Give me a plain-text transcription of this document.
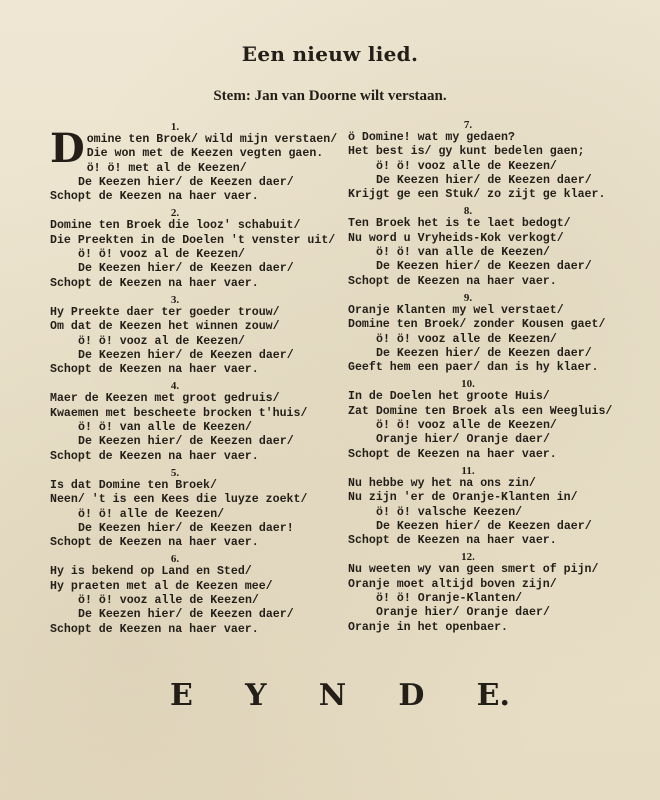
Een nieuw lied.
Stem: Jan van Doorne wilt verstaan.
1.
Domine ten Broek/ wild mijn verstaen/
Die won met de Keezen vegten gaen.
ö! ö! met al de Keezen/
De Keezen hier/ de Keezen daer/
Schopt de Keezen na haer vaer.
2.
Domine ten Broek die looz' schabuit/
Die Preekten in de Doelen 't venster uit/
ö! ö! vooz al de Keezen/
De Keezen hier/ de Keezen daer/
Schopt de Keezen na haer vaer.
3.
Hy Preekte daer ter goeder trouw/
Om dat de Keezen het winnen zouw/
ö! ö! vooz al de Keezen/
De Keezen hier/ de Keezen daer/
Schopt de Keezen na haer vaer.
4.
Maer de Keezen met groot gedruis/
Kwaemen met bescheete brocken t'huis/
ö! ö! van alle de Keezen/
De Keezen hier/ de Keezen daer/
Schopt de Keezen na haer vaer.
5.
Is dat Domine ten Broek/
Neen/ 't is een Kees die luyze zoekt/
ö! ö! alle de Keezen/
De Keezen hier/ de Keezen daer!
Schopt de Keezen na haer vaer.
6.
Hy is bekend op Land en Sted/
Hy praeten met al de Keezen mee/
ö! ö! vooz alle de Keezen/
De Keezen hier/ de Keezen daer/
Schopt de Keezen na haer vaer.
7.
ö Domine! wat my gedaen?
Het best is/ gy kunt bedelen gaen;
ö! ö! vooz alle de Keezen/
De Keezen hier/ de Keezen daer/
Krijgt ge een Stuk/ zo zijt ge klaer.
8.
Ten Broek het is te laet bedogt/
Nu word u Vryheids-Kok verkogt/
ö! ö! van alle de Keezen/
De Keezen hier/ de Keezen daer/
Schopt de Keezen na haer vaer.
9.
Oranje Klanten my wel verstaet/
Domine ten Broek/ zonder Kousen gaet/
ö! ö! vooz alle de Keezen/
De Keezen hier/ de Keezen daer/
Geeft hem een paer/ dan is hy klaer.
10.
In de Doelen het groote Huis/
Zat Domine ten Broek als een Weegluis/
ö! ö! vooz alle de Keezen/
Oranje hier/ Oranje daer/
Schopt de Keezen na haer vaer.
11.
Nu hebbe wy het na ons zin/
Nu zijn 'er de Oranje-Klanten in/
ö! ö! valsche Keezen/
De Keezen hier/ de Keezen daer/
Schopt de Keezen na haer vaer.
12.
Nu weeten wy van geen smert of pijn/
Oranje moet altijd boven zijn/
ö! ö! Oranje-Klanten/
Oranje hier/ Oranje daer/
Oranje in het openbaer.
E Y N D E.
